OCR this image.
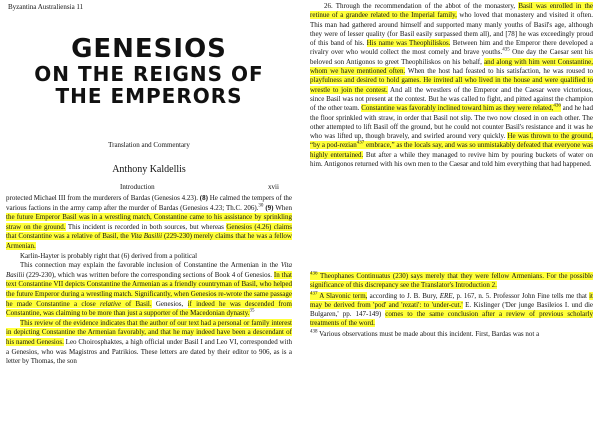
Byzantina Australiensia 11
GENESIOS
ON THE REIGNS OF
THE EMPERORS
Translation and Commentary
Anthony Kaldellis
Introduction	xvii

protected Michael III from the murderers of Bardas (Genesios 4.23). (8) He calmed the tempers of the various factions in the army camp after the murder of Bardas (Genesios 4.23; Th.C. 206).$^{30}$ (9) When the future Emperor Basil was in a wrestling match, Constantine came to his assistance by sprinkling straw on the ground. This incident is recorded in both sources, but whereas Genesios (4.26) claims that Constantine was a relative of Basil, the Vita Basilii (229-230) merely claims that he was a fellow Armenian.

Karlin-Hayter is probably right that (6) derived from a political

This connection may explain the favorable inclusion of Constantine the Armenian in the Vita Basilii (229-230), which was written before the corresponding sections of Book 4 of Genesios. In that text Constantine VII depicts Constantine the Armenian as a friendly countryman of Basil, who helped the future Emperor during a wrestling match. Significantly, when Genesios re-wrote the same passage he made Constantine a close relative of Basil. Genesios, if indeed he was descended from Constantine, was claiming to be more than just a supporter of the Macedonian dynasty.$^{35}$

This review of the evidence indicates that the author of our text had a personal or family interest in depicting Constantine the Armenian favorably, and that he may indeed have been a descendant of his named Genesios. Leo Choirosphaktes, a high official under Basil I and Leo VI, corresponded with a Genesios, who was Magistros and Patrikios. These letters are dated by their editor to 906, as is a letter by Thomas, the son

26. Through the recommendation of the abbot of the monastery, Basil was enrolled in the retinue of a grandee related to the Imperial family, who loved that monastery and visited it often. This man had gathered around himself and supported many manly youths of Basil's age, although they were of lesser quality (for Basil easily surpassed them all), and [78] he was exceedingly proud of this band of his. His name was Theophiliskos. Between him and the Emperor there developed a rivalry over who would collect the most comely and brave youths.$^{435}$ One day the Caesar sent his beloved son Antigonos to greet Theophiliskos on his behalf, and along with him went Constantine, whom we have mentioned often. When the host had feasted to his satisfaction, he was roused to playfulness and desired to hold games. He invited all who lived in the house and were qualified to wrestle to join the contest. And all the wrestlers of the Emperor and the Caesar were victorious, since Basil was not present at the contest. But he was called to fight, and pitted against the champion of the other team. Constantine was favorably inclined toward him as they were related,$^{436}$ and he had the floor sprinkled with straw, in order that Basil not slip. The two now closed in on each other. The other attempted to lift Basil off the ground, but he could not counter Basil's resistance and it was he who was lifted up, though bravely, and swirled around very quickly. He was thrown to the ground, “by a pod-rezian$^{437}$ embrace,” as the locals say, and was so unmistakably defeated that everyone was highly entertained. But after a while they managed to revive him by pouring buckets of water on him. Antigonos returned with his own men to the Caesar and told him everything that had happened.

$^{436}$ Theophanes Continuatus (230) says merely that they were fellow Armenians. For the possible significance of this discrepancy see the Translator's Introduction 2.

$^{437}$ A Slavonic term, according to J. B. Bury, ERE, p. 167, n. 5. Professor John Fine tells me that it may be derived from 'pod' and 'rezati': to 'under-cut.' E. Kislinger ('Der junge Basileios I. und die Bulgaren,' pp. 147-149) comes to the same conclusion after a review of previous scholarly treatments of the word.

$^{438}$ Various observations must be made about this incident. First, Bardas was not a
